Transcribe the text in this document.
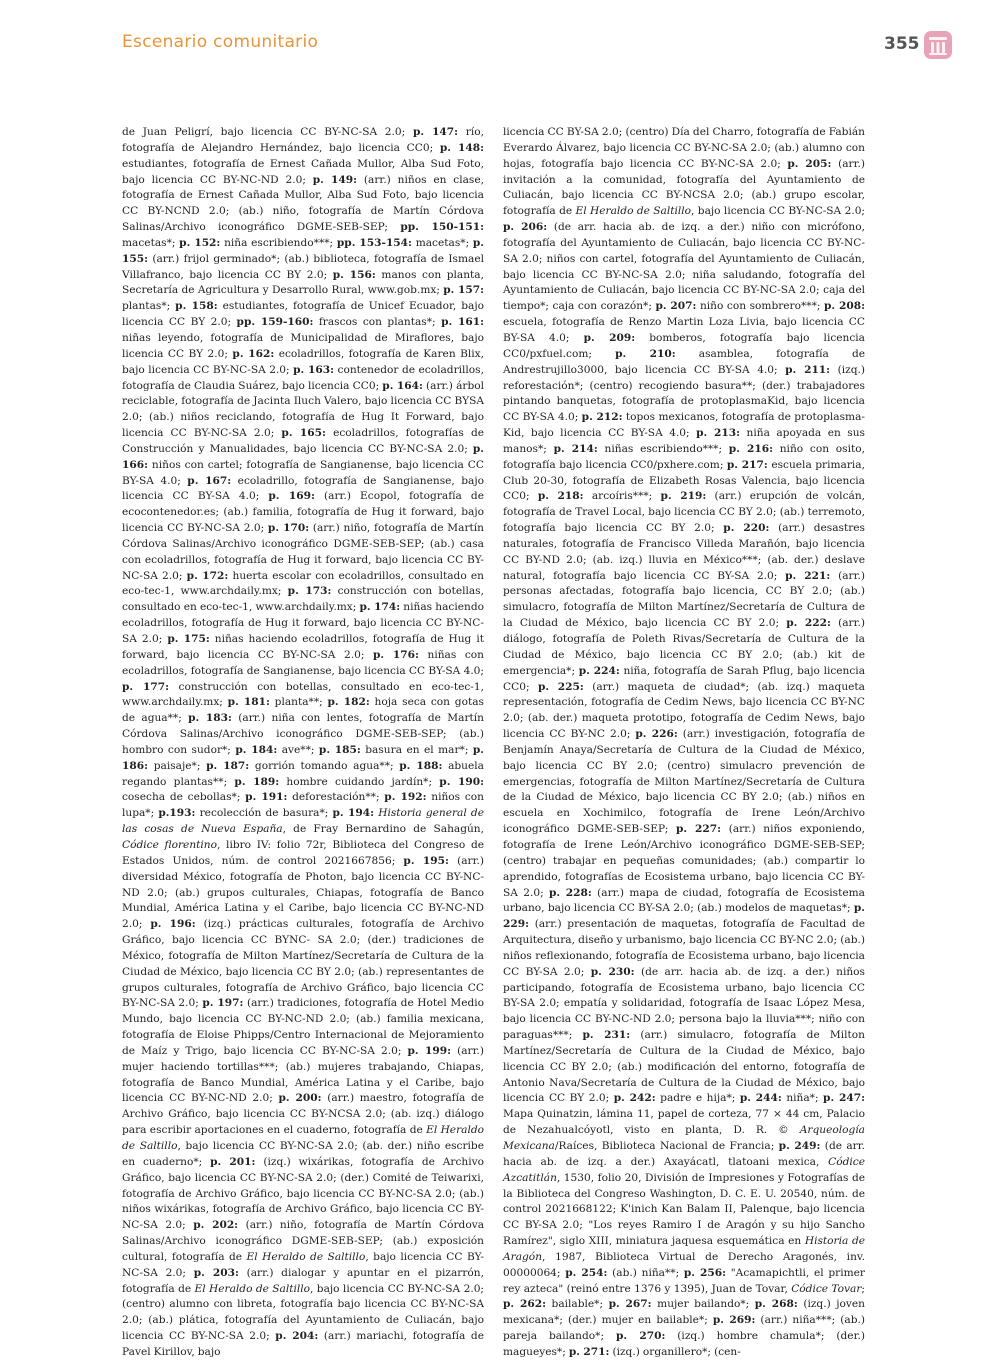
Escenario comunitario	355
de Juan Peligrí, bajo licencia CC BY-NC-SA 2.0; p. 147: río, fotografía de Alejandro Hernández, bajo licencia CC0; p. 148: estudiantes, fotografía de Ernest Cañada Mullor, Alba Sud Foto, bajo licencia CC BY-NC-ND 2.0; p. 149: (arr.) niños en clase, fotografía de Ernest Cañada Mullor, Alba Sud Foto, bajo licencia CC BY-NCND 2.0; (ab.) niño, fotografía de Martín Córdova Salinas/Archivo iconográfico DGME-SEB-SEP; pp. 150-151: macetas*; p. 152: niña escribiendo***; pp. 153-154: macetas*; p. 155: (arr.) frijol germinado*; (ab.) biblioteca, fotografía de Ismael Villafranco, bajo licencia CC BY 2.0; p. 156: manos con planta, Secretaría de Agricultura y Desarrollo Rural, www.gob.mx; p. 157: plantas*; p. 158: estudiantes, fotografía de Unicef Ecuador, bajo licencia CC BY 2.0; pp. 159-160: frascos con plantas*; p. 161: niñas leyendo, fotografía de Municipalidad de Miraflores, bajo licencia CC BY 2.0; p. 162: ecoladrillos, fotografía de Karen Blix, bajo licencia CC BY-NC-SA 2.0; p. 163: contenedor de ecoladrillos, fotografía de Claudia Suárez, bajo licencia CC0; p. 164: (arr.) árbol reciclable, fotografía de Jacinta Iluch Valero, bajo licencia CC BYSA 2.0; (ab.) niños reciclando, fotografía de Hug It Forward, bajo licencia CC BY-NC-SA 2.0; p. 165: ecoladrillos, fotografías de Construcción y Manualidades, bajo licencia CC BY-NC-SA 2.0; p. 166: niños con cartel; fotografía de Sangianense, bajo licencia CC BY-SA 4.0; p. 167: ecoladrillo, fotografía de Sangianense, bajo licencia CC BY-SA 4.0; p. 169: (arr.) Ecopol, fotografía de ecocontenedor.es; (ab.) familia, fotografía de Hug it forward, bajo licencia CC BY-NC-SA 2.0; p. 170: (arr.) niño, fotografía de Martín Córdova Salinas/Archivo iconográfico DGME-SEB-SEP; (ab.) casa con ecoladrillos, fotografía de Hug it forward, bajo licencia CC BY-NC-SA 2.0; p. 172: huerta escolar con ecoladrillos, consultado en eco-tec-1, www.archdaily.mx; p. 173: construcción con botellas, consultado en eco-tec-1, www.archdaily.mx; p. 174: niñas haciendo ecoladrillos, fotografía de Hug it forward, bajo licencia CC BY-NC-SA 2.0; p. 175: niñas haciendo ecoladrillos, fotografía de Hug it forward, bajo licencia CC BY-NC-SA 2.0; p. 176: niñas con ecoladrillos, fotografía de Sangianense, bajo licencia CC BY-SA 4.0; p. 177: construcción con botellas, consultado en eco-tec-1, www.archdaily.mx; p. 181: planta**; p. 182: hoja seca con gotas de agua**; p. 183: (arr.) niña con lentes, fotografía de Martín Córdova Salinas/Archivo iconográfico DGME-SEB-SEP; (ab.) hombro con sudor*; p. 184: ave**; p. 185: basura en el mar*; p. 186: paisaje*; p. 187: gorrión tomando agua**; p. 188: abuela regando plantas**; p. 189: hombre cuidando jardín*; p. 190: cosecha de cebollas*; p. 191: deforestación**; p. 192: niños con lupa*; p.193: recolección de basura*; p. 194: Historia general de las cosas de Nueva España, de Fray Bernardino de Sahagún, Códice florentino, libro IV: folio 72r, Biblioteca del Congreso de Estados Unidos, núm. de control 2021667856; p. 195: (arr.) diversidad México, fotografía de Photon, bajo licencia CC BY-NC-ND 2.0; (ab.) grupos culturales, Chiapas, fotografía de Banco Mundial, América Latina y el Caribe, bajo licencia CC BY-NC-ND 2.0; p. 196: (izq.) prácticas culturales, fotografía de Archivo Gráfico, bajo licencia CC BYNC- SA 2.0; (der.) tradiciones de México, fotografía de Milton Martínez/Secretaría de Cultura de la Ciudad de México, bajo licencia CC BY 2.0; (ab.) representantes de grupos culturales, fotografía de Archivo Gráfico, bajo licencia CC BY-NC-SA 2.0; p. 197: (arr.) tradiciones, fotografía de Hotel Medio Mundo, bajo licencia CC BY-NC-ND 2.0; (ab.) familia mexicana, fotografía de Eloise Phipps/Centro Internacional de Mejoramiento de Maíz y Trigo, bajo licencia CC BY-NC-SA 2.0; p. 199: (arr.) mujer haciendo tortillas***; (ab.) mujeres trabajando, Chiapas, fotografía de Banco Mundial, América Latina y el Caribe, bajo licencia CC BY-NC-ND 2.0; p. 200: (arr.) maestro, fotografía de Archivo Gráfico, bajo licencia CC BY-NCSA 2.0; (ab. izq.) diálogo para escribir aportaciones en el cuaderno, fotografía de El Heraldo de Saltillo, bajo licencia CC BY-NC-SA 2.0; (ab. der.) niño escribe en cuaderno*; p. 201: (izq.) wixárikas, fotografía de Archivo Gráfico, bajo licencia CC BY-NC-SA 2.0; (der.) Comité de Teiwarixi, fotografía de Archivo Gráfico, bajo licencia CC BY-NC-SA 2.0; (ab.) niños wixárikas, fotografía de Archivo Gráfico, bajo licencia CC BY-NC-SA 2.0; p. 202: (arr.) niño, fotografía de Martín Córdova Salinas/Archivo iconográfico DGME-SEB-SEP; (ab.) exposición cultural, fotografía de El Heraldo de Saltillo, bajo licencia CC BY-NC-SA 2.0; p. 203: (arr.) dialogar y apuntar en el pizarrón, fotografía de El Heraldo de Saltillo, bajo licencia CC BY-NC-SA 2.0; (centro) alumno con libreta, fotografía bajo licencia CC BY-NC-SA 2.0; (ab.) plática, fotografía del Ayuntamiento de Culiacán, bajo licencia CC BY-NC-SA 2.0; p. 204: (arr.) mariachi, fotografía de Pavel Kirillov, bajo
licencia CC BY-SA 2.0; (centro) Día del Charro, fotografía de Fabián Everardo Álvarez, bajo licencia CC BY-NC-SA 2.0; (ab.) alumno con hojas, fotografía bajo licencia CC BY-NC-SA 2.0; p. 205: (arr.) invitación a la comunidad, fotografía del Ayuntamiento de Culiacán, bajo licencia CC BY-NCSA 2.0; (ab.) grupo escolar, fotografía de El Heraldo de Saltillo, bajo licencia CC BY-NC-SA 2.0; p. 206: (de arr. hacia ab. de izq. a der.) niño con micrófono, fotografía del Ayuntamiento de Culiacán, bajo licencia CC BY-NC-SA 2.0; niños con cartel, fotografía del Ayuntamiento de Culiacán, bajo licencia CC BY-NC-SA 2.0; niña saludando, fotografía del Ayuntamiento de Culiacán, bajo licencia CC BY-NC-SA 2.0; caja del tiempo*; caja con corazón*; p. 207: niño con sombrero***; p. 208: escuela, fotografía de Renzo Martin Loza Livia, bajo licencia CC BY-SA 4.0; p. 209: bomberos, fotografía bajo licencia CC0/pxfuel.com; p. 210: asamblea, fotografía de Andrestrujillo3000, bajo licencia CC BY-SA 4.0; p. 211: (izq.) reforestación*; (centro) recogiendo basura**; (der.) trabajadores pintando banquetas, fotografía de protoplasmaKid, bajo licencia CC BY-SA 4.0; p. 212: topos mexicanos, fotografía de protoplasma- Kid, bajo licencia CC BY-SA 4.0; p. 213: niña apoyada en sus manos*; p. 214: niñas escribiendo***; p. 216: niño con osito, fotografía bajo licencia CC0/pxhere.com; p. 217: escuela primaria, Club 20-30, fotografía de Elizabeth Rosas Valencia, bajo licencia CC0; p. 218: arcoíris***; p. 219: (arr.) erupción de volcán, fotografía de Travel Local, bajo licencia CC BY 2.0; (ab.) terremoto, fotografía bajo licencia CC BY 2.0; p. 220: (arr.) desastres naturales, fotografía de Francisco Villeda Marañón, bajo licencia CC BY-ND 2.0; (ab. izq.) lluvia en México***; (ab. der.) deslave natural, fotografía bajo licencia CC BY-SA 2.0; p. 221: (arr.) personas afectadas, fotografía bajo licencia, CC BY 2.0; (ab.) simulacro, fotografía de Milton Martínez/Secretaría de Cultura de la Ciudad de México, bajo licencia CC BY 2.0; p. 222: (arr.) diálogo, fotografía de Poleth Rivas/Secretaría de Cultura de la Ciudad de México, bajo licencia CC BY 2.0; (ab.) kit de emergencia*; p. 224: niña, fotografía de Sarah Pflug, bajo licencia CC0; p. 225: (arr.) maqueta de ciudad*; (ab. izq.) maqueta representación, fotografía de Cedim News, bajo licencia CC BY-NC 2.0; (ab. der.) maqueta prototipo, fotografía de Cedim News, bajo licencia CC BY-NC 2.0; p. 226: (arr.) investigación, fotografía de Benjamín Anaya/Secretaría de Cultura de la Ciudad de México, bajo licencia CC BY 2.0; (centro) simulacro prevención de emergencias, fotografía de Milton Martínez/Secretaría de Cultura de la Ciudad de México, bajo licencia CC BY 2.0; (ab.) niños en escuela en Xochimilco, fotografía de Irene León/Archivo iconográfico DGME-SEB-SEP; p. 227: (arr.) niños exponiendo, fotografía de Irene León/Archivo iconográfico DGME-SEB-SEP; (centro) trabajar en pequeñas comunidades; (ab.) compartir lo aprendido, fotografías de Ecosistema urbano, bajo licencia CC BY-SA 2.0; p. 228: (arr.) mapa de ciudad, fotografía de Ecosistema urbano, bajo licencia CC BY-SA 2.0; (ab.) modelos de maquetas*; p. 229: (arr.) presentación de maquetas, fotografía de Facultad de Arquitectura, diseño y urbanismo, bajo licencia CC BY-NC 2.0; (ab.) niños reflexionando, fotografía de Ecosistema urbano, bajo licencia CC BY-SA 2.0; p. 230: (de arr. hacia ab. de izq. a der.) niños participando, fotografía de Ecosistema urbano, bajo licencia CC BY-SA 2.0; empatía y solidaridad, fotografía de Isaac López Mesa, bajo licencia CC BY-NC-ND 2.0; persona bajo la lluvia***; niño con paraguas***; p. 231: (arr.) simulacro, fotografía de Milton Martínez/Secretaría de Cultura de la Ciudad de México, bajo licencia CC BY 2.0; (ab.) modificación del entorno, fotografía de Antonio Nava/Secretaría de Cultura de la Ciudad de México, bajo licencia CC BY 2.0; p. 242: padre e hija*; p. 244: niña*; p. 247: Mapa Quinatzin, lámina 11, papel de corteza, 77 × 44 cm, Palacio de Nezahualcóyotl, visto en planta, D. R. © Arqueología Mexicana/Raíces, Biblioteca Nacional de Francia; p. 249: (de arr. hacia ab. de izq. a der.) Axayácatl, tlatoani mexica, Códice Azcatitlán, 1530, folio 20, División de Impresiones y Fotografías de la Biblioteca del Congreso Washington, D. C. E. U. 20540, núm. de control 2021668122; K'inich Kan Balam II, Palenque, bajo licencia CC BY-SA 2.0; "Los reyes Ramiro I de Aragón y su hijo Sancho Ramírez", siglo XIII, miniatura jaquesa esquemática en Historia de Aragón, 1987, Biblioteca Virtual de Derecho Aragonés, inv. 00000064; p. 254: (ab.) niña**; p. 256: "Acamapichtli, el primer rey azteca" (reinó entre 1376 y 1395), Juan de Tovar, Códice Tovar; p. 262: bailable*; p. 267: mujer bailando*; p. 268: (izq.) joven mexicana*; (der.) mujer en bailable*; p. 269: (arr.) niña***; (ab.) pareja bailando*; p. 270: (izq.) hombre chamula*; (der.) magueyes*; p. 271: (izq.) organillero*; (cen-
